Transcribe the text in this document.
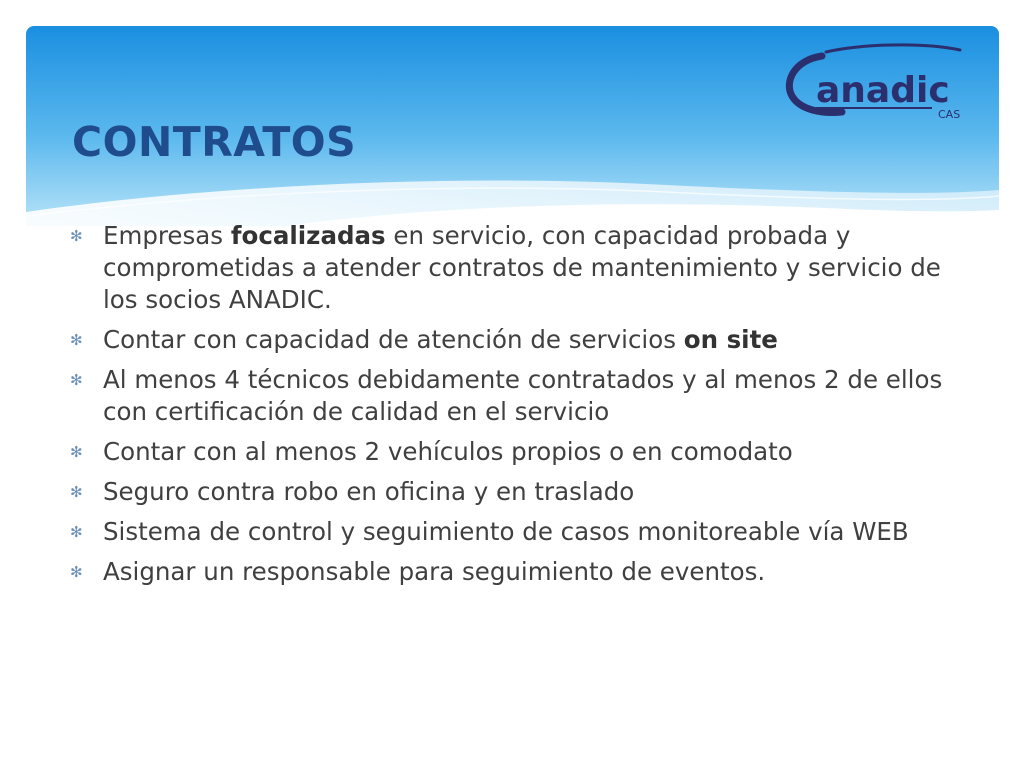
anadic
CAS
CONTRATOS
✻ Empresas focalizadas en servicio, con capacidad probada y comprometidas a atender contratos de mantenimiento y servicio de los socios ANADIC.
✻ Contar con capacidad de atención de servicios on site
✻ Al menos 4 técnicos debidamente contratados y al menos 2 de ellos con certificación de calidad en el servicio
✻ Contar con al menos 2 vehículos propios o en comodato
✻ Seguro contra robo en oficina y en traslado
✻ Sistema de control y seguimiento de casos monitoreable vía WEB
✻ Asignar un responsable para seguimiento de eventos.
